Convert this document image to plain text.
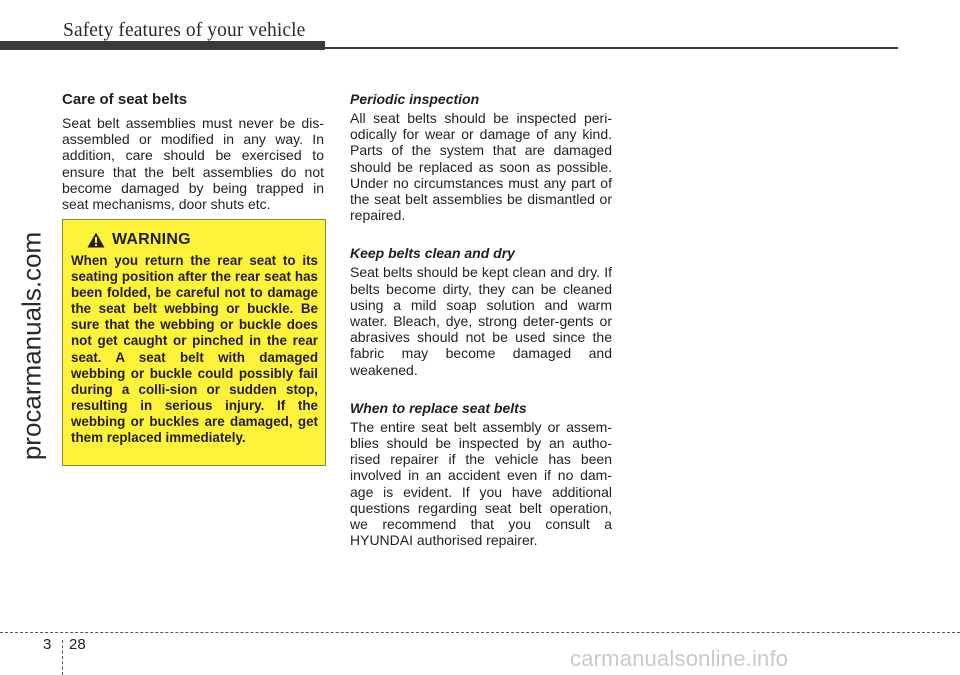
Safety features of your vehicle
procarmanuals.com
Care of seat belts

Seat belt assemblies must never be dis-assembled or modified in any way. In addition, care should be exercised to ensure that the belt assemblies do not become damaged by being trapped in seat mechanisms, door shuts etc.

WARNING

When you return the rear seat to its seating position after the rear seat has been folded, be careful not to damage the seat belt webbing or buckle. Be sure that the webbing or buckle does not get caught or pinched in the rear seat. A seat belt with damaged webbing or buckle could possibly fail during a colli-sion or sudden stop, resulting in serious injury. If the webbing or buckles are damaged, get them replaced immediately.

Periodic inspection

All seat belts should be inspected peri-odically for wear or damage of any kind. Parts of the system that are damaged should be replaced as soon as possible. Under no circumstances must any part of the seat belt assemblies be dismantled or repaired.

Keep belts clean and dry

Seat belts should be kept clean and dry. If belts become dirty, they can be cleaned using a mild soap solution and warm water. Bleach, dye, strong deter-gents or abrasives should not be used since the fabric may become damaged and weakened.

When to replace seat belts

The entire seat belt assembly or assem-blies should be inspected by an autho-rised repairer if the vehicle has been involved in an accident even if no dam-age is evident. If you have additional questions regarding seat belt operation, we recommend that you consult a HYUNDAI authorised repairer.

3 28
carmanualsonline.info
